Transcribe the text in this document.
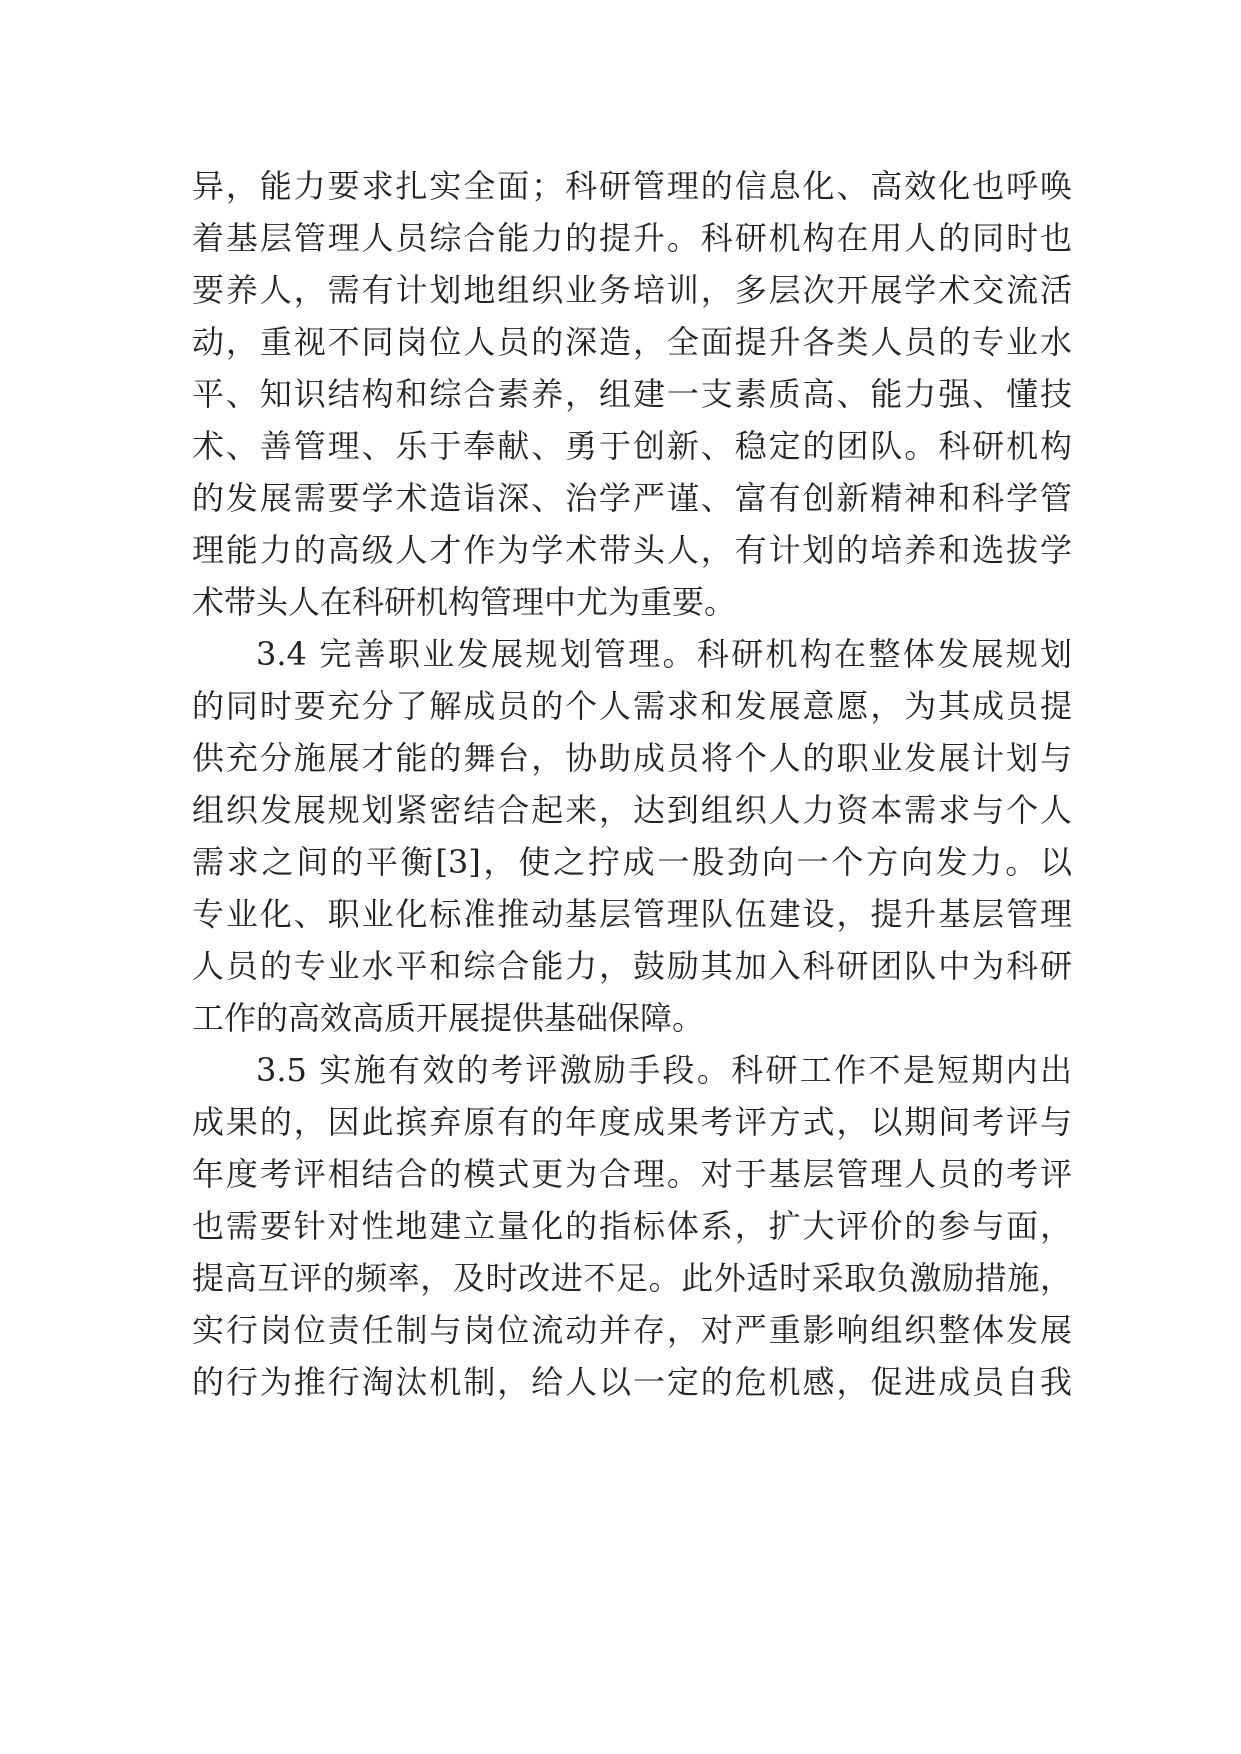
异，能力要求扎实全面；科研管理的信息化、高效化也呼唤
着基层管理人员综合能力的提升。科研机构在用人的同时也
要养人，需有计划地组织业务培训，多层次开展学术交流活
动，重视不同岗位人员的深造，全面提升各类人员的专业水
平、知识结构和综合素养，组建一支素质高、能力强、懂技
术、善管理、乐于奉献、勇于创新、稳定的团队。科研机构
的发展需要学术造诣深、治学严谨、富有创新精神和科学管
理能力的高级人才作为学术带头人，有计划的培养和选拔学
术带头人在科研机构管理中尤为重要。
3.4 完善职业发展规划管理。科研机构在整体发展规划
的同时要充分了解成员的个人需求和发展意愿，为其成员提
供充分施展才能的舞台，协助成员将个人的职业发展计划与
组织发展规划紧密结合起来，达到组织人力资本需求与个人
需求之间的平衡[3]，使之拧成一股劲向一个方向发力。以
专业化、职业化标准推动基层管理队伍建设，提升基层管理
人员的专业水平和综合能力，鼓励其加入科研团队中为科研
工作的高效高质开展提供基础保障。
3.5 实施有效的考评激励手段。科研工作不是短期内出
成果的，因此摈弃原有的年度成果考评方式，以期间考评与
年度考评相结合的模式更为合理。对于基层管理人员的考评
也需要针对性地建立量化的指标体系，扩大评价的参与面，
提高互评的频率，及时改进不足。此外适时采取负激励措施，
实行岗位责任制与岗位流动并存，对严重影响组织整体发展
的行为推行淘汰机制，给人以一定的危机感，促进成员自我
